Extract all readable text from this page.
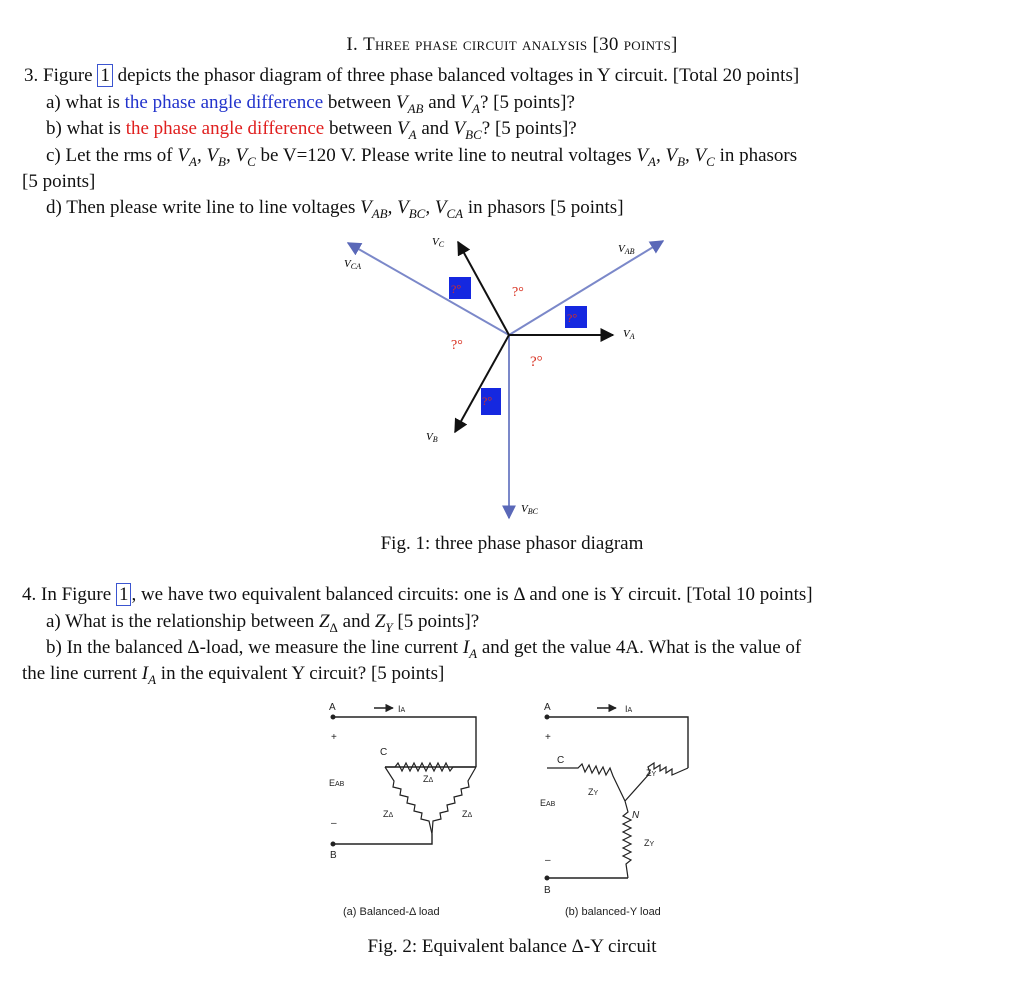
I. Three phase circuit analysis [30 points]
3. Figure 1 depicts the phasor diagram of three phase balanced voltages in Y circuit. [Total 20 points]
a) what is the phase angle difference between $V_{AB}$ and $V_A$? [5 points]?
b) what is the phase angle difference between $V_A$ and $V_{BC}$? [5 points]?
c) Let the rms of $V_A$, $V_B$, $V_C$ be V=120 V. Please write line to neutral voltages $V_A$, $V_B$, $V_C$ in phasors
[5 points]
d) Then please write line to line voltages $V_{AB}$, $V_{BC}$, $V_{CA}$ in phasors [5 points]
?°
?°
?°
?°
?°
?°
VC	VAB
VCA
VA
VB
VBC
Fig. 1: three phase phasor diagram
4. In Figure 1 , we have two equivalent balanced circuits: one is Δ and one is Y circuit. [Total 10 points]
a) What is the relationship between $Z_\Delta$ and $Z_Y$ [5 points]?
b) In the balanced Δ-load, we measure the line current $I_A$ and get the value 4A. What is the value of
the line current $I_A$ in the equivalent Y circuit? [5 points]
A
+
C
EAB
–
B
IA
ZΔ
ZΔ	ZΔ
(a) Balanced-Δ load
A
+
C
EAB
–
B
IA
ZY
ZY
ZY
N
(b) balanced-Y load
Fig. 2: Equivalent balance Δ-Y circuit
